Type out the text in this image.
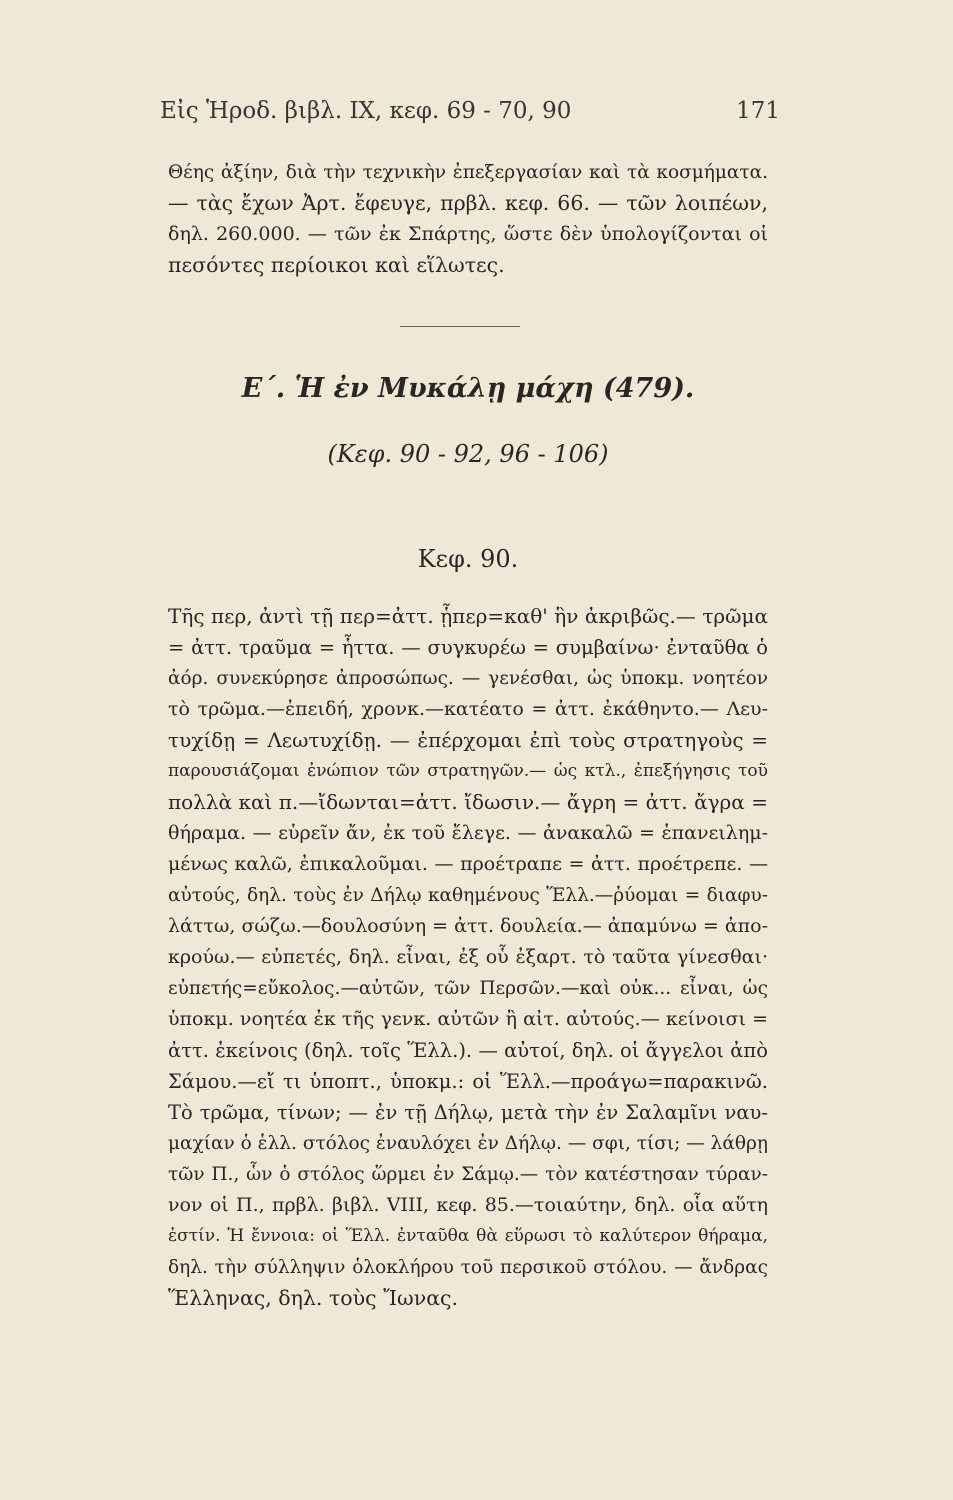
Εἰς Ἡροδ. βιβλ. IX, κεφ. 69 - 70, 90	171
Θέης ἀξίην, διὰ τὴν τεχνικὴν ἐπεξεργασίαν καὶ τὰ κοσμήματα.
— τὰς ἔχων Ἀρτ. ἔφευγε, πρβλ. κεφ. 66. — τῶν λοιπέων,
δηλ. 260.000. — τῶν ἐκ Σπάρτης, ὥστε δὲν ὑπολογίζονται οἱ
πεσόντες περίοικοι καὶ εἵλωτες.
Ε΄. Ἡ ἐν Μυκάλῃ μάχη (479).
(Κεφ. 90 - 92, 96 - 106)
Κεφ. 90.
Τῆς περ, ἀντὶ τῇ περ=ἀττ. ᾗπερ=καθ' ἣν ἀκριβῶς.— τρῶμα
= ἀττ. τραῦμα = ἧττα. — συγκυρέω = συμβαίνω· ἐνταῦθα ὁ
ἀόρ. συνεκύρησε ἀπροσώπως. — γενέσθαι, ὡς ὑποκμ. νοητέον
τὸ τρῶμα.—ἐπειδή, χρονκ.—κατέατο = ἀττ. ἐκάθηντο.— Λευ-
τυχίδῃ = Λεωτυχίδῃ. — ἐπέρχομαι ἐπὶ τοὺς στρατηγοὺς =
παρουσιάζομαι ἐνώπιον τῶν στρατηγῶν.— ὡς κτλ., ἐπεξήγησις τοῦ
πολλὰ καὶ π.—ἴδωνται=ἀττ. ἴδωσιν.— ἄγρη = ἀττ. ἄγρα =
θήραμα. — εὑρεῖν ἄν, ἐκ τοῦ ἔλεγε. — ἀνακαλῶ = ἐπανειλημ-
μένως καλῶ, ἐπικαλοῦμαι. — προέτραπε = ἀττ. προέτρεπε. —
αὐτούς, δηλ. τοὺς ἐν Δήλῳ καθημένους Ἕλλ.—ῥύομαι = διαφυ-
λάττω, σώζω.—δουλοσύνη = ἀττ. δουλεία.— ἀπαμύνω = ἀπο-
κρούω.— εὐπετές, δηλ. εἶναι, ἐξ οὗ ἐξαρτ. τὸ ταῦτα γίνεσθαι·
εὐπετής=εὔκολος.—αὐτῶν, τῶν Περσῶν.—καὶ οὐκ... εἶναι, ὡς
ὑποκμ. νοητέα ἐκ τῆς γενκ. αὐτῶν ἢ αἰτ. αὐτούς.— κείνοισι =
ἀττ. ἐκείνοις (δηλ. τοῖς Ἕλλ.). — αὐτοί, δηλ. οἱ ἄγγελοι ἀπὸ
Σάμου.—εἴ τι ὑποπτ., ὑποκμ.: οἱ Ἕλλ.—προάγω=παρακινῶ.
Τὸ τρῶμα, τίνων; — ἐν τῇ Δήλῳ, μετὰ τὴν ἐν Σαλαμῖνι ναυ-
μαχίαν ὁ ἑλλ. στόλος ἐναυλόχει ἐν Δήλῳ. — σφι, τίσι; — λάθρῃ
τῶν Π., ὧν ὁ στόλος ὥρμει ἐν Σάμῳ.— τὸν κατέστησαν τύραν-
νον οἱ Π., πρβλ. βιβλ. VIII, κεφ. 85.—τοιαύτην, δηλ. οἷα αὕτη
ἐστίν. Ἡ ἔννοια: οἱ Ἕλλ. ἐνταῦθα θὰ εὕρωσι τὸ καλύτερον θήραμα,
δηλ. τὴν σύλληψιν ὁλοκλήρου τοῦ περσικοῦ στόλου. — ἄνδρας
Ἕλληνας, δηλ. τοὺς Ἴωνας.
